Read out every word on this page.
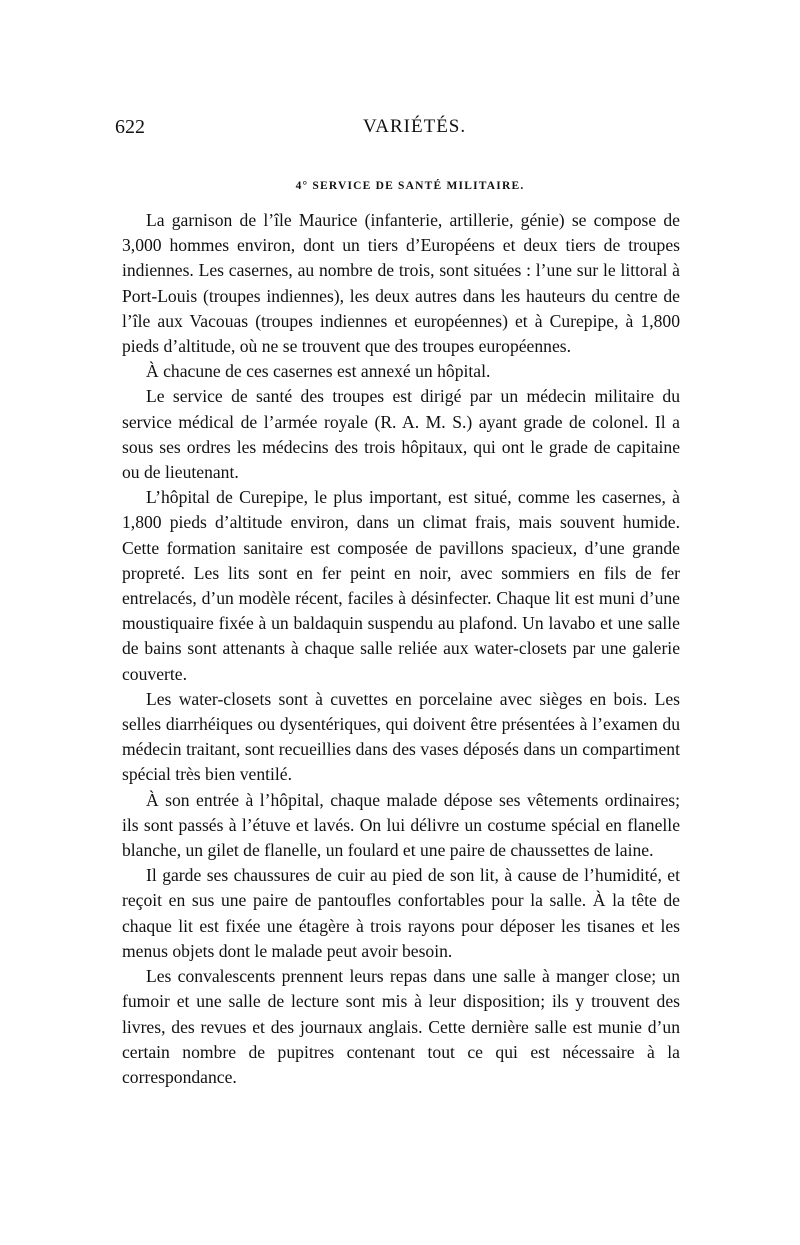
622	VARIÉTÉS.
4° SERVICE DE SANTÉ MILITAIRE.

La garnison de l’île Maurice (infanterie, artillerie, génie) se compose de 3,000 hommes environ, dont un tiers d’Européens et deux tiers de troupes indiennes. Les casernes, au nombre de trois, sont situées : l’une sur le littoral à Port-Louis (troupes indiennes), les deux autres dans les hauteurs du centre de l’île aux Vacouas (troupes indiennes et européennes) et à Curepipe, à 1,800 pieds d’altitude, où ne se trouvent que des troupes européennes.

À chacune de ces casernes est annexé un hôpital.

Le service de santé des troupes est dirigé par un médecin militaire du service médical de l’armée royale (R. A. M. S.) ayant grade de colonel. Il a sous ses ordres les médecins des trois hôpitaux, qui ont le grade de capitaine ou de lieutenant.

L’hôpital de Curepipe, le plus important, est situé, comme les casernes, à 1,800 pieds d’altitude environ, dans un climat frais, mais souvent humide. Cette formation sanitaire est composée de pavillons spacieux, d’une grande propreté. Les lits sont en fer peint en noir, avec sommiers en fils de fer entrelacés, d’un modèle récent, faciles à désinfecter. Chaque lit est muni d’une moustiquaire fixée à un baldaquin suspendu au plafond. Un lavabo et une salle de bains sont attenants à chaque salle reliée aux water-closets par une galerie couverte.

Les water-closets sont à cuvettes en porcelaine avec sièges en bois. Les selles diarrhéiques ou dysentériques, qui doivent être présentées à l’examen du médecin traitant, sont recueillies dans des vases déposés dans un compartiment spécial très bien ventilé.

À son entrée à l’hôpital, chaque malade dépose ses vêtements ordinaires; ils sont passés à l’étuve et lavés. On lui délivre un costume spécial en flanelle blanche, un gilet de flanelle, un foulard et une paire de chaussettes de laine.

Il garde ses chaussures de cuir au pied de son lit, à cause de l’humidité, et reçoit en sus une paire de pantoufles confortables pour la salle. À la tête de chaque lit est fixée une étagère à trois rayons pour déposer les tisanes et les menus objets dont le malade peut avoir besoin.

Les convalescents prennent leurs repas dans une salle à manger close; un fumoir et une salle de lecture sont mis à leur disposition; ils y trouvent des livres, des revues et des journaux anglais. Cette dernière salle est munie d’un certain nombre de pupitres contenant tout ce qui est nécessaire à la correspondance.
